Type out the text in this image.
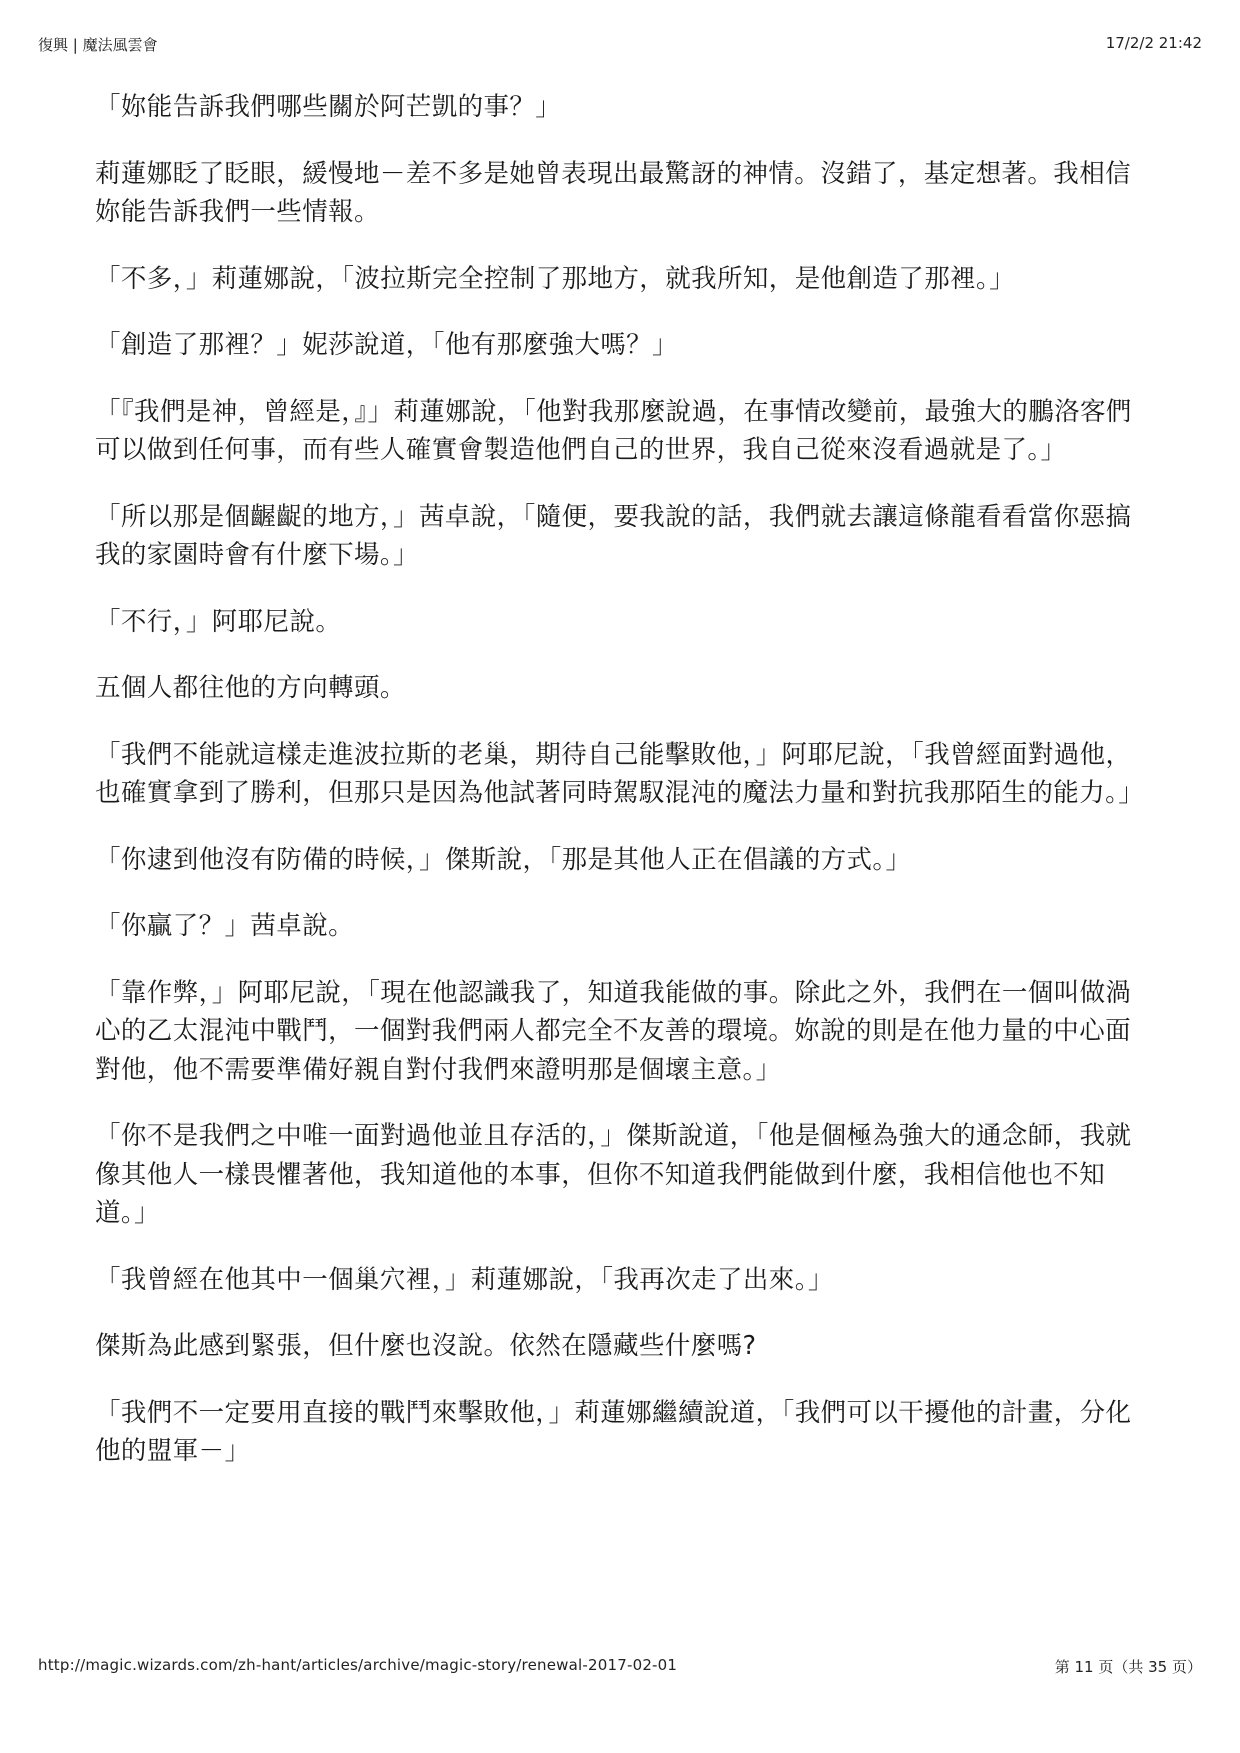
復興 | 魔法風雲會	17/2/2 21:42

「妳能告訴我們哪些關於阿芒凱的事？」

莉蓮娜眨了眨眼，緩慢地－差不多是她曾表現出最驚訝的神情。沒錯了，基定想著。我相信妳能告訴我們一些情報。

「不多，」莉蓮娜說，「波拉斯完全控制了那地方，就我所知，是他創造了那裡。」

「創造了那裡？」妮莎說道，「他有那麼強大嗎？」

「『我們是神，曾經是，』」莉蓮娜說，「他對我那麼說過，在事情改變前，最強大的鵬洛客們可以做到任何事，而有些人確實會製造他們自己的世界，我自己從來沒看過就是了。」

「所以那是個齷齪的地方，」茜卓說，「隨便，要我說的話，我們就去讓這條龍看看當你惡搞我的家園時會有什麼下場。」

「不行，」阿耶尼說。

五個人都往他的方向轉頭。

「我們不能就這樣走進波拉斯的老巢，期待自己能擊敗他，」阿耶尼說，「我曾經面對過他，也確實拿到了勝利，但那只是因為他試著同時駕馭混沌的魔法力量和對抗我那陌生的能力。」

「你逮到他沒有防備的時候，」傑斯說，「那是其他人正在倡議的方式。」

「你贏了？」茜卓說。

「靠作弊，」阿耶尼說，「現在他認識我了，知道我能做的事。除此之外，我們在一個叫做渦心的乙太混沌中戰鬥，一個對我們兩人都完全不友善的環境。妳說的則是在他力量的中心面對他，他不需要準備好親自對付我們來證明那是個壞主意。」

「你不是我們之中唯一面對過他並且存活的，」傑斯說道，「他是個極為強大的通念師，我就像其他人一樣畏懼著他，我知道他的本事，但你不知道我們能做到什麼，我相信他也不知道。」

「我曾經在他其中一個巢穴裡，」莉蓮娜說，「我再次走了出來。」

傑斯為此感到緊張，但什麼也沒說。依然在隱藏些什麼嗎?

「我們不一定要用直接的戰鬥來擊敗他，」莉蓮娜繼續說道，「我們可以干擾他的計畫，分化他的盟軍－」

http://magic.wizards.com/zh-hant/articles/archive/magic-story/renewal-2017-02-01	第 11 页（共 35 页）
